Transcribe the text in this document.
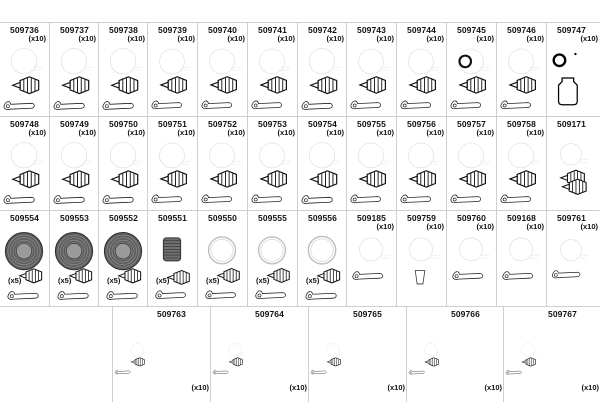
509736
(x10)
509737
(x10)
509738
(x10)
509739
(x10)
509740
(x10)
509741
(x10)
509742
(x10)
509743
(x10)
509744
(x10)
509745
(x10)
509746
(x10)
509747
(x10)
509748
(x10)
509749
(x10)
509750
(x10)
509751
(x10)
509752
(x10)
509753
(x10)
509754
(x10)
509755
(x10)
509756
(x10)
509757
(x10)
509758
(x10)
509171
509554
(x5)
509553
(x5)
509552
(x5)
509551
(x5)
509550
(x5)
509555
(x5)
509556
(x5)
509185
(x10)
509759
(x10)
509760
(x10)
509168
(x10)
509761
(x10)
509763
(x10)
509764
(x10)
509765
(x10)
509766
(x10)
509767
(x10)
